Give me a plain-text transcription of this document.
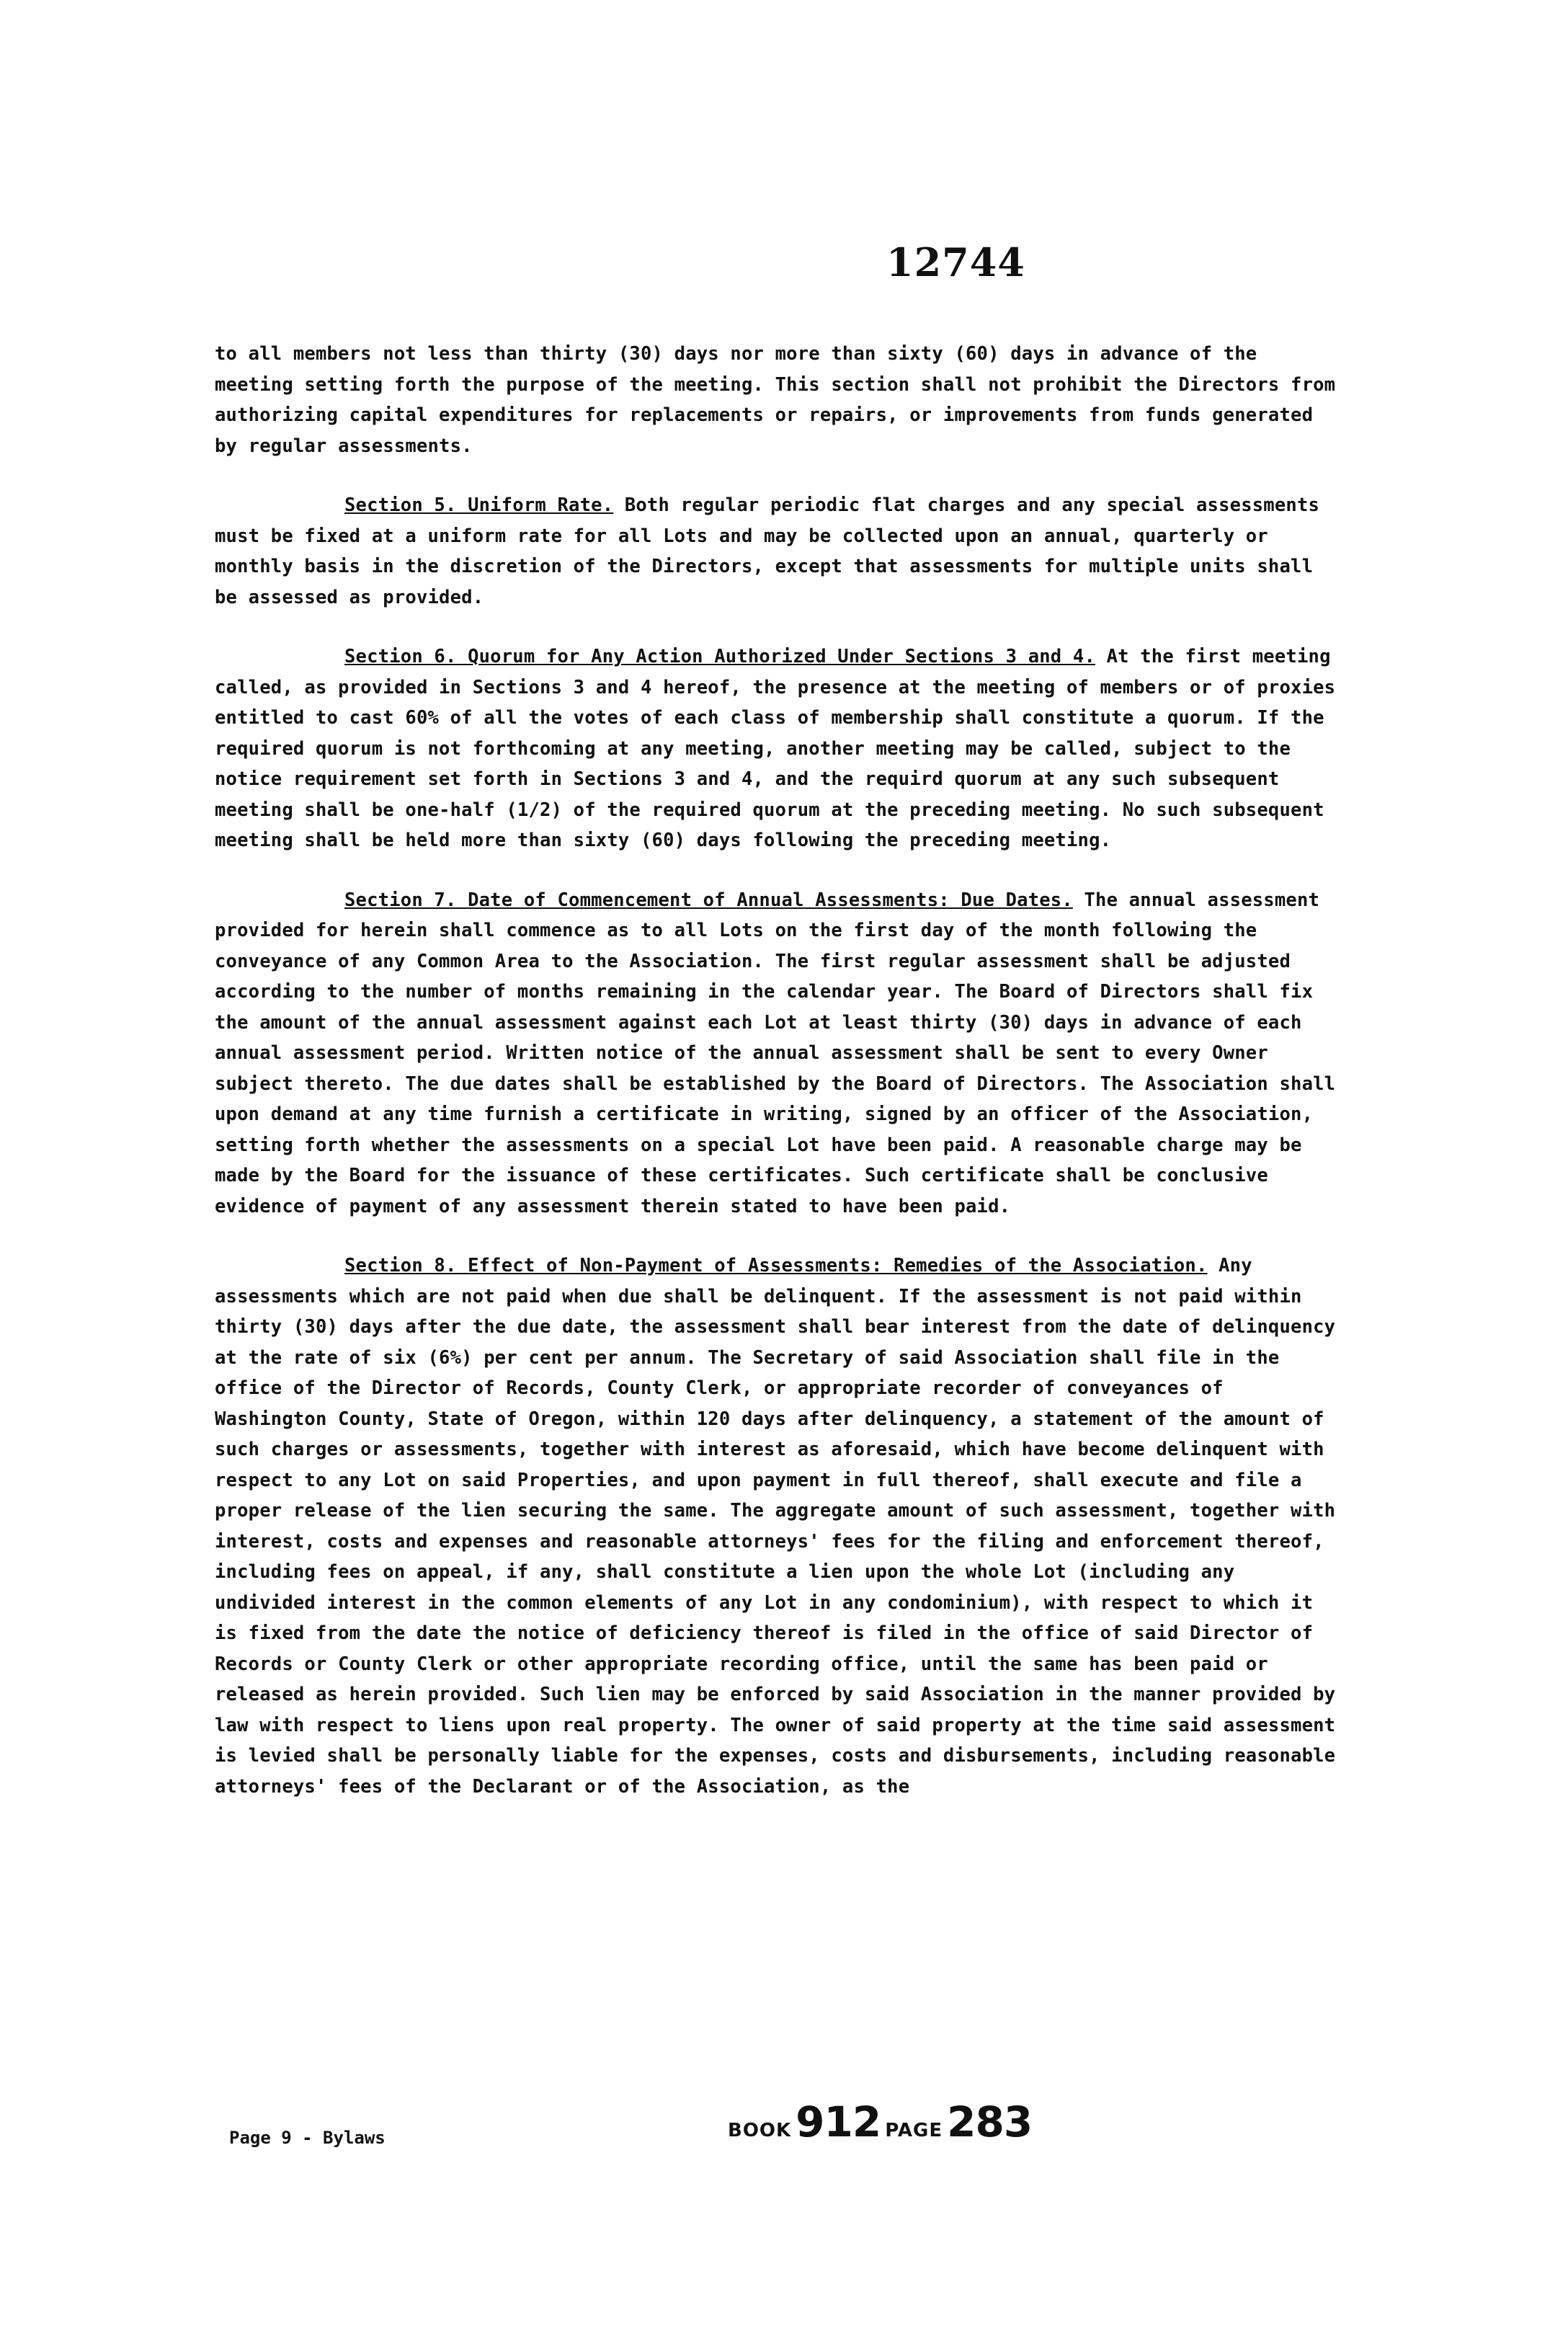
12744

to all members not less than thirty (30) days nor more than sixty (60) days in advance of the meeting setting forth the purpose of the meeting. This section shall not prohibit the Directors from authorizing capital expenditures for replacements or repairs, or improvements from funds generated by regular assessments.

Section 5. Uniform Rate. Both regular periodic flat charges and any special assessments must be fixed at a uniform rate for all Lots and may be collected upon an annual, quarterly or monthly basis in the discretion of the Directors, except that assessments for multiple units shall be assessed as provided.

Section 6. Quorum for Any Action Authorized Under Sections 3 and 4. At the first meeting called, as provided in Sections 3 and 4 hereof, the presence at the meeting of members or of proxies entitled to cast 60% of all the votes of each class of membership shall constitute a quorum. If the required quorum is not forthcoming at any meeting, another meeting may be called, subject to the notice requirement set forth in Sections 3 and 4, and the requird quorum at any such subsequent meeting shall be one-half (1/2) of the required quorum at the preceding meeting. No such subsequent meeting shall be held more than sixty (60) days following the preceding meeting.

Section 7. Date of Commencement of Annual Assessments: Due Dates. The annual assessment provided for herein shall commence as to all Lots on the first day of the month following the conveyance of any Common Area to the Association. The first regular assessment shall be adjusted according to the number of months remaining in the calendar year. The Board of Directors shall fix the amount of the annual assessment against each Lot at least thirty (30) days in advance of each annual assessment period. Written notice of the annual assessment shall be sent to every Owner subject thereto. The due dates shall be established by the Board of Directors. The Association shall upon demand at any time furnish a certificate in writing, signed by an officer of the Association, setting forth whether the assessments on a special Lot have been paid. A reasonable charge may be made by the Board for the issuance of these certificates. Such certificate shall be conclusive evidence of payment of any assessment therein stated to have been paid.

Section 8. Effect of Non-Payment of Assessments: Remedies of the Association. Any assessments which are not paid when due shall be delinquent. If the assessment is not paid within thirty (30) days after the due date, the assessment shall bear interest from the date of delinquency at the rate of six (6%) per cent per annum. The Secretary of said Association shall file in the office of the Director of Records, County Clerk, or appropriate recorder of conveyances of Washington County, State of Oregon, within 120 days after delinquency, a statement of the amount of such charges or assessments, together with interest as aforesaid, which have become delinquent with respect to any Lot on said Properties, and upon payment in full thereof, shall execute and file a proper release of the lien securing the same. The aggregate amount of such assessment, together with interest, costs and expenses and reasonable attorneys' fees for the filing and enforcement thereof, including fees on appeal, if any, shall constitute a lien upon the whole Lot (including any undivided interest in the common elements of any Lot in any condominium), with respect to which it is fixed from the date the notice of deficiency thereof is filed in the office of said Director of Records or County Clerk or other appropriate recording office, until the same has been paid or released as herein provided. Such lien may be enforced by said Association in the manner provided by law with respect to liens upon real property. The owner of said property at the time said assessment is levied shall be personally liable for the expenses, costs and disbursements, including reasonable attorneys' fees of the Declarant or of the Association, as the

Page 9 - Bylaws	BOOK 912 PAGE 283
